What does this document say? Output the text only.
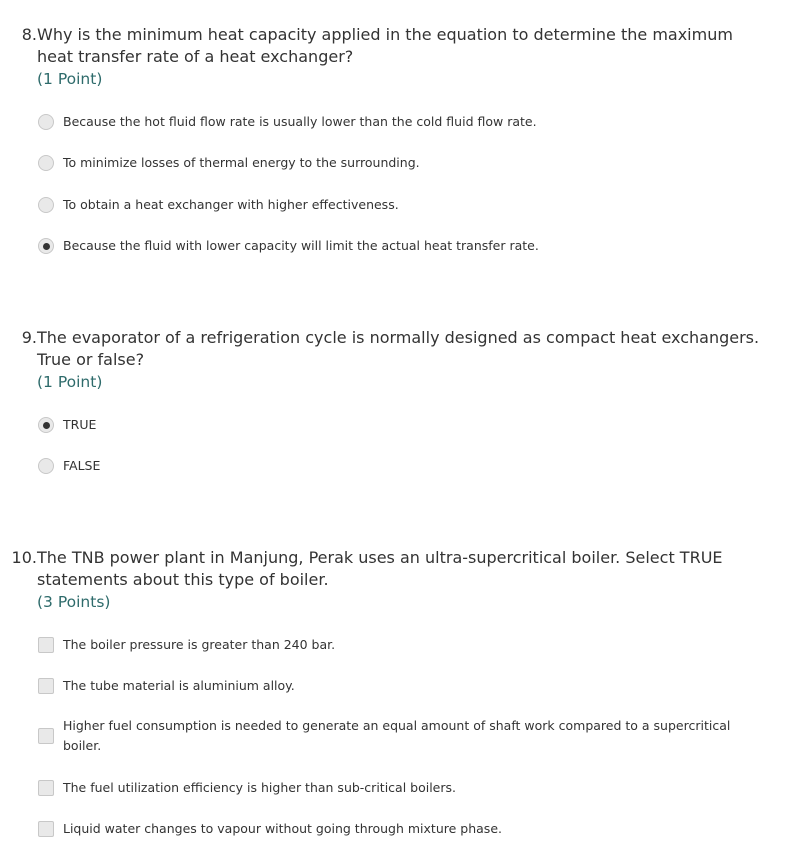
8. Why is the minimum heat capacity applied in the equation to determine the maximum heat transfer rate of a heat exchanger?
(1 Point)
Because the hot fluid flow rate is usually lower than the cold fluid flow rate.
To minimize losses of thermal energy to the surrounding.
To obtain a heat exchanger with higher effectiveness.
Because the fluid with lower capacity will limit the actual heat transfer rate.
9. The evaporator of a refrigeration cycle is normally designed as compact heat exchangers. True or false?
(1 Point)
TRUE
FALSE
10. The TNB power plant in Manjung, Perak uses an ultra-supercritical boiler. Select TRUE statements about this type of boiler.
(3 Points)
The boiler pressure is greater than 240 bar.
The tube material is aluminium alloy.
Higher fuel consumption is needed to generate an equal amount of shaft work compared to a supercritical boiler.
The fuel utilization efficiency is higher than sub-critical boilers.
Liquid water changes to vapour without going through mixture phase.
